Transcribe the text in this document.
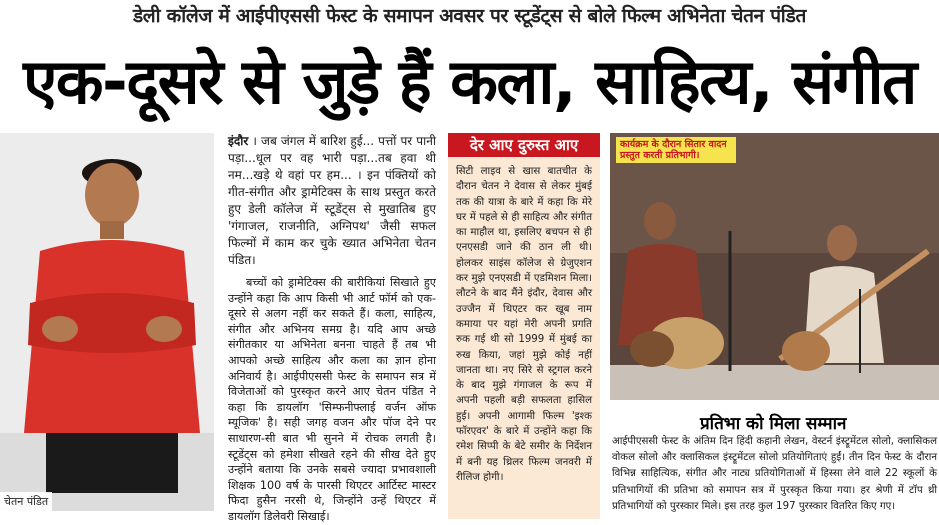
डेली कॉलेज में आईपीएससी फेस्ट के समापन अवसर पर स्टूडेंट्स से बोले फिल्म अभिनेता चेतन पंडित
एक-दूसरे से जुड़े हैं कला, साहित्य, संगीत
चेतन पंडित
इंदौर । जब जंगल में बारिश हुई... पत्तों पर पानी पड़ा...धूल पर वह भारी पड़ा...तब हवा थी नम...खड़े थे वहां पर हम... । इन पंक्तियों को गीत-संगीत और ड्रामेटिक्स के साथ प्रस्तुत करते हुए डेली कॉलेज में स्टूडेंट्स से मुखातिब हुए 'गंगाजल, राजनीति, अग्निपथ' जैसी सफल फिल्मों में काम कर चुके ख्यात अभिनेता चेतन पंडित।
बच्चों को ड्रामेटिक्स की बारीकियां सिखाते हुए उन्होंने कहा कि आप किसी भी आर्ट फॉर्म को एक-दूसरे से अलग नहीं कर सकते हैं। कला, साहित्य, संगीत और अभिनय समग्र है। यदि आप अच्छे संगीतकार या अभिनेता बनना चाहते हैं तब भी आपको अच्छे साहित्य और कला का ज्ञान होना अनिवार्य है। आईपीएससी फेस्ट के समापन सत्र में विजेताओं को पुरस्कृत करने आए चेतन पंडित ने कहा कि डायलॉग 'सिम्फनीफ्लाई वर्जन ऑफ म्यूजिक' है। सही जगह वजन और पॉज देने पर साधारण-सी बात भी सुनने में रोचक लगती है। स्टूडेंट्स को हमेशा सीखते रहने की सीख देते हुए उन्होंने बताया कि उनके सबसे ज्यादा प्रभावशाली शिक्षक 100 वर्ष के पारसी थिएटर आर्टिस्ट मास्टर फिदा हुसैन नरसी थे, जिन्होंने उन्हें थिएटर में डायलॉग डिलेवरी सिखाई।
देर आए दुरुस्त आए
सिटी लाइव से खास बातचीत के दौरान चेतन ने देवास से लेकर मुंबई तक की यात्रा के बारे में कहा कि मेरे घर में पहले से ही साहित्य और संगीत का माहौल था, इसलिए बचपन से ही एनएसडी जाने की ठान ली थी। होलकर साइंस कॉलेज से ग्रेजुएशन कर मुझे एनएसडी में एडमिशन मिला। लौटने के बाद मैंने इंदौर, देवास और उज्जैन में थिएटर कर खूब नाम कमाया पर यहां मेरी अपनी प्रगति रुक गई थी सो 1999 में मुंबई का रुख किया, जहां मुझे कोई नहीं जानता था। नए सिरे से स्ट्रगल करने के बाद मुझे गंगाजल के रूप में अपनी पहली बड़ी सफलता हासिल हुई। अपनी आगामी फिल्म 'इश्क फॉरएवर' के बारे में उन्होंने कहा कि रमेश सिप्पी के बेटे समीर के निर्देशन में बनी यह थ्रिलर फिल्म जनवरी में रीलिज होगी।
कार्यक्रम के दौरान सितार वादन प्रस्तुत करती प्रतिभागी।
प्रतिभा को मिला सम्मान
आईपीएससी फेस्ट के अंतिम दिन हिंदी कहानी लेखन, वेस्टर्न इंस्ट्रूमेंटल सोलो, क्लासिकल वोकल सोलो और क्लासिकल इंस्ट्रूमेंटल सोलो प्रतियोगिताएं हुईं। तीन दिन फेस्ट के दौरान विभिन्न साहित्यिक, संगीत और नाट्य प्रतियोगिताओं में हिस्सा लेने वाले 22 स्कूलों के प्रतिभागियों की प्रतिभा को समापन सत्र में पुरस्कृत किया गया। हर श्रेणी में टॉप थ्री प्रतिभागियों को पुरस्कार मिले। इस तरह कुल 197 पुरस्कार वितरित किए गए।
